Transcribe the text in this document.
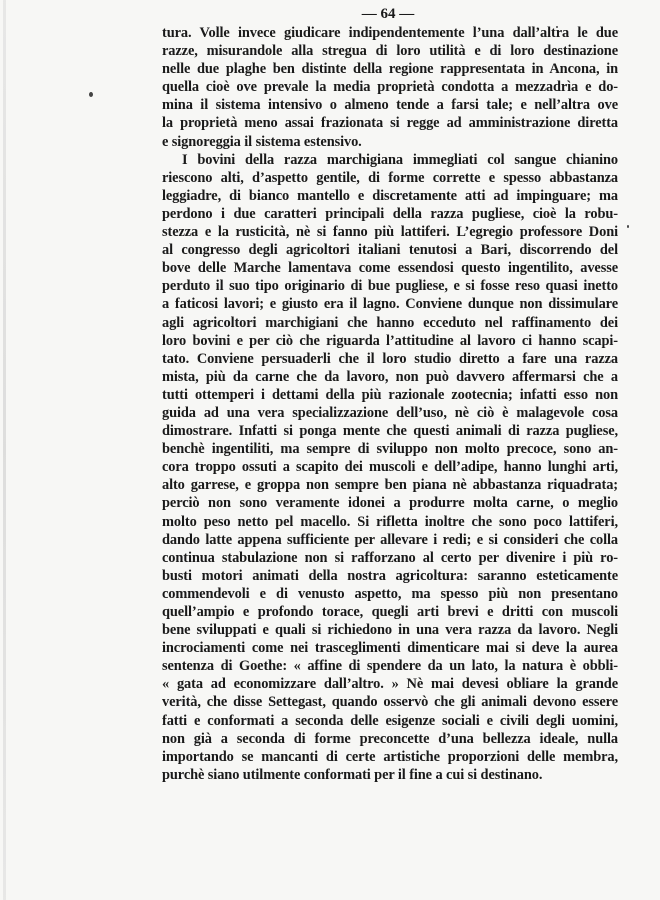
— 64 —
tura. Volle invece giudicare indipendentemente l’una dall’altra le due
razze, misurandole alla stregua di loro utilità e di loro destinazione
nelle due plaghe ben distinte della regione rappresentata in Ancona, in
quella cioè ove prevale la media proprietà condotta a mezzadrìa e do-
mina il sistema intensivo o almeno tende a farsi tale; e nell’altra ove
la proprietà meno assai frazionata si regge ad amministrazione diretta
e signoreggia il sistema estensivo.
I bovini della razza marchigiana immegliati col sangue chianino
riescono alti, d’aspetto gentile, di forme corrette e spesso abbastanza
leggiadre, di bianco mantello e discretamente atti ad impinguare; ma
perdono i due caratteri principali della razza pugliese, cioè la robu-
stezza e la rusticità, nè si fanno più lattiferi. L’egregio professore Doni
al congresso degli agricoltori italiani tenutosi a Bari, discorrendo del
bove delle Marche lamentava come essendosi questo ingentilito, avesse
perduto il suo tipo originario di bue pugliese, e si fosse reso quasi inetto
a faticosi lavori; e giusto era il lagno. Conviene dunque non dissimulare
agli agricoltori marchigiani che hanno ecceduto nel raffinamento dei
loro bovini e per ciò che riguarda l’attitudine al lavoro ci hanno scapi-
tato. Conviene persuaderli che il loro studio diretto a fare una razza
mista, più da carne che da lavoro, non può davvero affermarsi che a
tutti ottemperi i dettami della più razionale zootecnia; infatti esso non
guida ad una vera specializzazione dell’uso, nè ciò è malagevole cosa
dimostrare. Infatti si ponga mente che questi animali di razza pugliese,
benchè ingentiliti, ma sempre di sviluppo non molto precoce, sono an-
cora troppo ossuti a scapito dei muscoli e dell’adipe, hanno lunghi arti,
alto garrese, e groppa non sempre ben piana nè abbastanza riquadrata;
perciò non sono veramente idonei a produrre molta carne, o meglio
molto peso netto pel macello. Si rifletta inoltre che sono poco lattiferi,
dando latte appena sufficiente per allevare i redi; e si consideri che colla
continua stabulazione non si rafforzano al certo per divenire i più ro-
busti motori animati della nostra agricoltura: saranno esteticamente
commendevoli e di venusto aspetto, ma spesso più non presentano
quell’ampio e profondo torace, quegli arti brevi e dritti con muscoli
bene sviluppati e quali si richiedono in una vera razza da lavoro. Negli
incrociamenti come nei trasceglimenti dimenticare mai si deve la aurea
sentenza di Goethe: « affine di spendere da un lato, la natura è obbli-
« gata ad economizzare dall’altro. » Nè mai devesi obliare la grande
verità, che disse Settegast, quando osservò che gli animali devono essere
fatti e conformati a seconda delle esigenze sociali e civili degli uomini,
non già a seconda di forme preconcette d’una bellezza ideale, nulla
importando se mancanti di certe artistiche proporzioni delle membra,
purchè siano utilmente conformati per il fine a cui si destinano.
